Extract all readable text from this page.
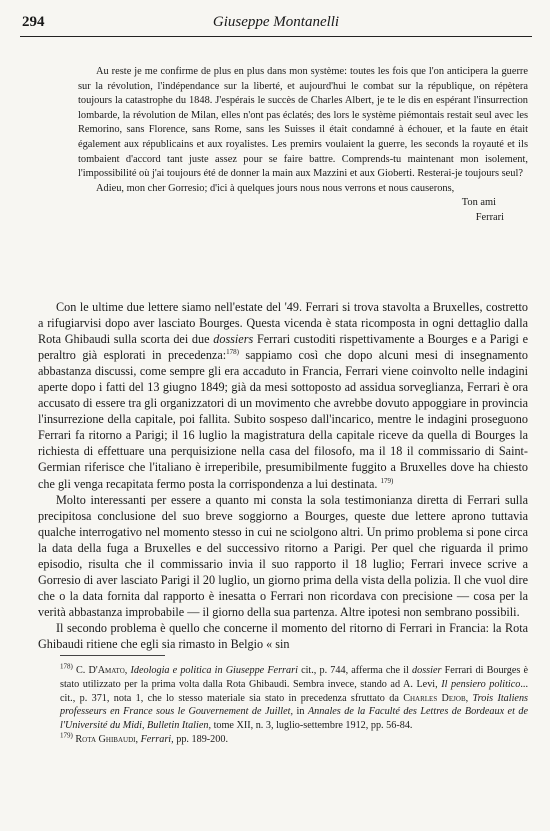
294	Giuseppe Montanelli

Au reste je me confirme de plus en plus dans mon système: toutes les fois que l'on anticipera la guerre sur la révolution, l'indépendance sur la liberté, et aujourd'hui le combat sur la république, on répètera toujours la catastrophe du 1848. J'espérais le succès de Charles Albert, je te le dis en espérant l'insurrection lombarde, la révolution de Milan, elles n'ont pas éclatés; des lors le système piémontais restait seul avec les Remorino, sans Florence, sans Rome, sans les Suisses il était condamné à échouer, et la faute en était également aux républicains et aux royalistes. Les premirs voulaient la guerre, les seconds la royauté et ils tombaient d'accord tant juste assez pour se faire battre. Comprends-tu maintenant mon isolement, l'impossibilité où j'ai toujours été de donner la main aux Mazzini et aux Gioberti. Resterai-je toujours seul?

Adieu, mon cher Gorresio; d'ici à quelques jours nous nous verrons et nous causerons,

Ton ami

Ferrari

Con le ultime due lettere siamo nell'estate del '49. Ferrari si trova stavolta a Bruxelles, costretto a rifugiarvisi dopo aver lasciato Bourges. Questa vicenda è stata ricomposta in ogni dettaglio dalla Rota Ghibaudi sulla scorta dei due dossiers Ferrari custoditi rispettivamente a Bourges e a Parigi e peraltro già esplorati in precedenza:$^{178)}$ sappiamo così che dopo alcuni mesi di insegnamento abbastanza discussi, come sempre gli era accaduto in Francia, Ferrari viene coinvolto nelle indagini aperte dopo i fatti del 13 giugno 1849; già da mesi sottoposto ad assidua sorveglianza, Ferrari è ora accusato di essere tra gli organizzatori di un movimento che avrebbe dovuto appoggiare in provincia l'insurrezione della capitale, poi fallita. Subito sospeso dall'incarico, mentre le indagini proseguono Ferrari fa ritorno a Parigi; il 16 luglio la magistratura della capitale riceve da quella di Bourges la richiesta di effettuare una perquisizione nella casa del filosofo, ma il 18 il commissario di Saint-Germian riferisce che l'italiano è irreperibile, presumibilmente fuggito a Bruxelles dove ha chiesto che gli venga recapitata fermo posta la corrispondenza a lui destinata. $^{179)}$

Molto interessanti per essere a quanto mi consta la sola testimonianza diretta di Ferrari sulla precipitosa conclusione del suo breve soggiorno a Bourges, queste due lettere aprono tuttavia qualche interrogativo nel momento stesso in cui ne sciolgono altri. Un primo problema si pone circa la data della fuga a Bruxelles e del successivo ritorno a Parigi. Per quel che riguarda il primo episodio, risulta che il commissario invia il suo rapporto il 18 luglio; Ferrari invece scrive a Gorresio di aver lasciato Parigi il 20 luglio, un giorno prima della vista della polizia. Il che vuol dire che o la data fornita dal rapporto è inesatta o Ferrari non ricordava con precisione — cosa per la verità abbastanza improbabile — il giorno della sua partenza. Altre ipotesi non sembrano possibili.

Il secondo problema è quello che concerne il momento del ritorno di Ferrari in Francia: la Rota Ghibaudi ritiene che egli sia rimasto in Belgio « sin

$^{178)}$ C. D'Amato, Ideologia e politica in Giuseppe Ferrari cit., p. 744, afferma che il dossier Ferrari di Bourges è stato utilizzato per la prima volta dalla Rota Ghibaudi. Sembra invece, stando ad A. Levi, Il pensiero politico... cit., p. 371, nota 1, che lo stesso materiale sia stato in precedenza sfruttato da Charles Dejob, Trois Italiens professeurs en France sous le Gouvernement de Juillet, in Annales de la Faculté des Lettres de Bordeaux et de l'Université du Midi, Bulletin Italien, tome XII, n. 3, luglio-settembre 1912, pp. 56-84.

$^{179)}$ Rota Ghibaudi, Ferrari, pp. 189-200.
